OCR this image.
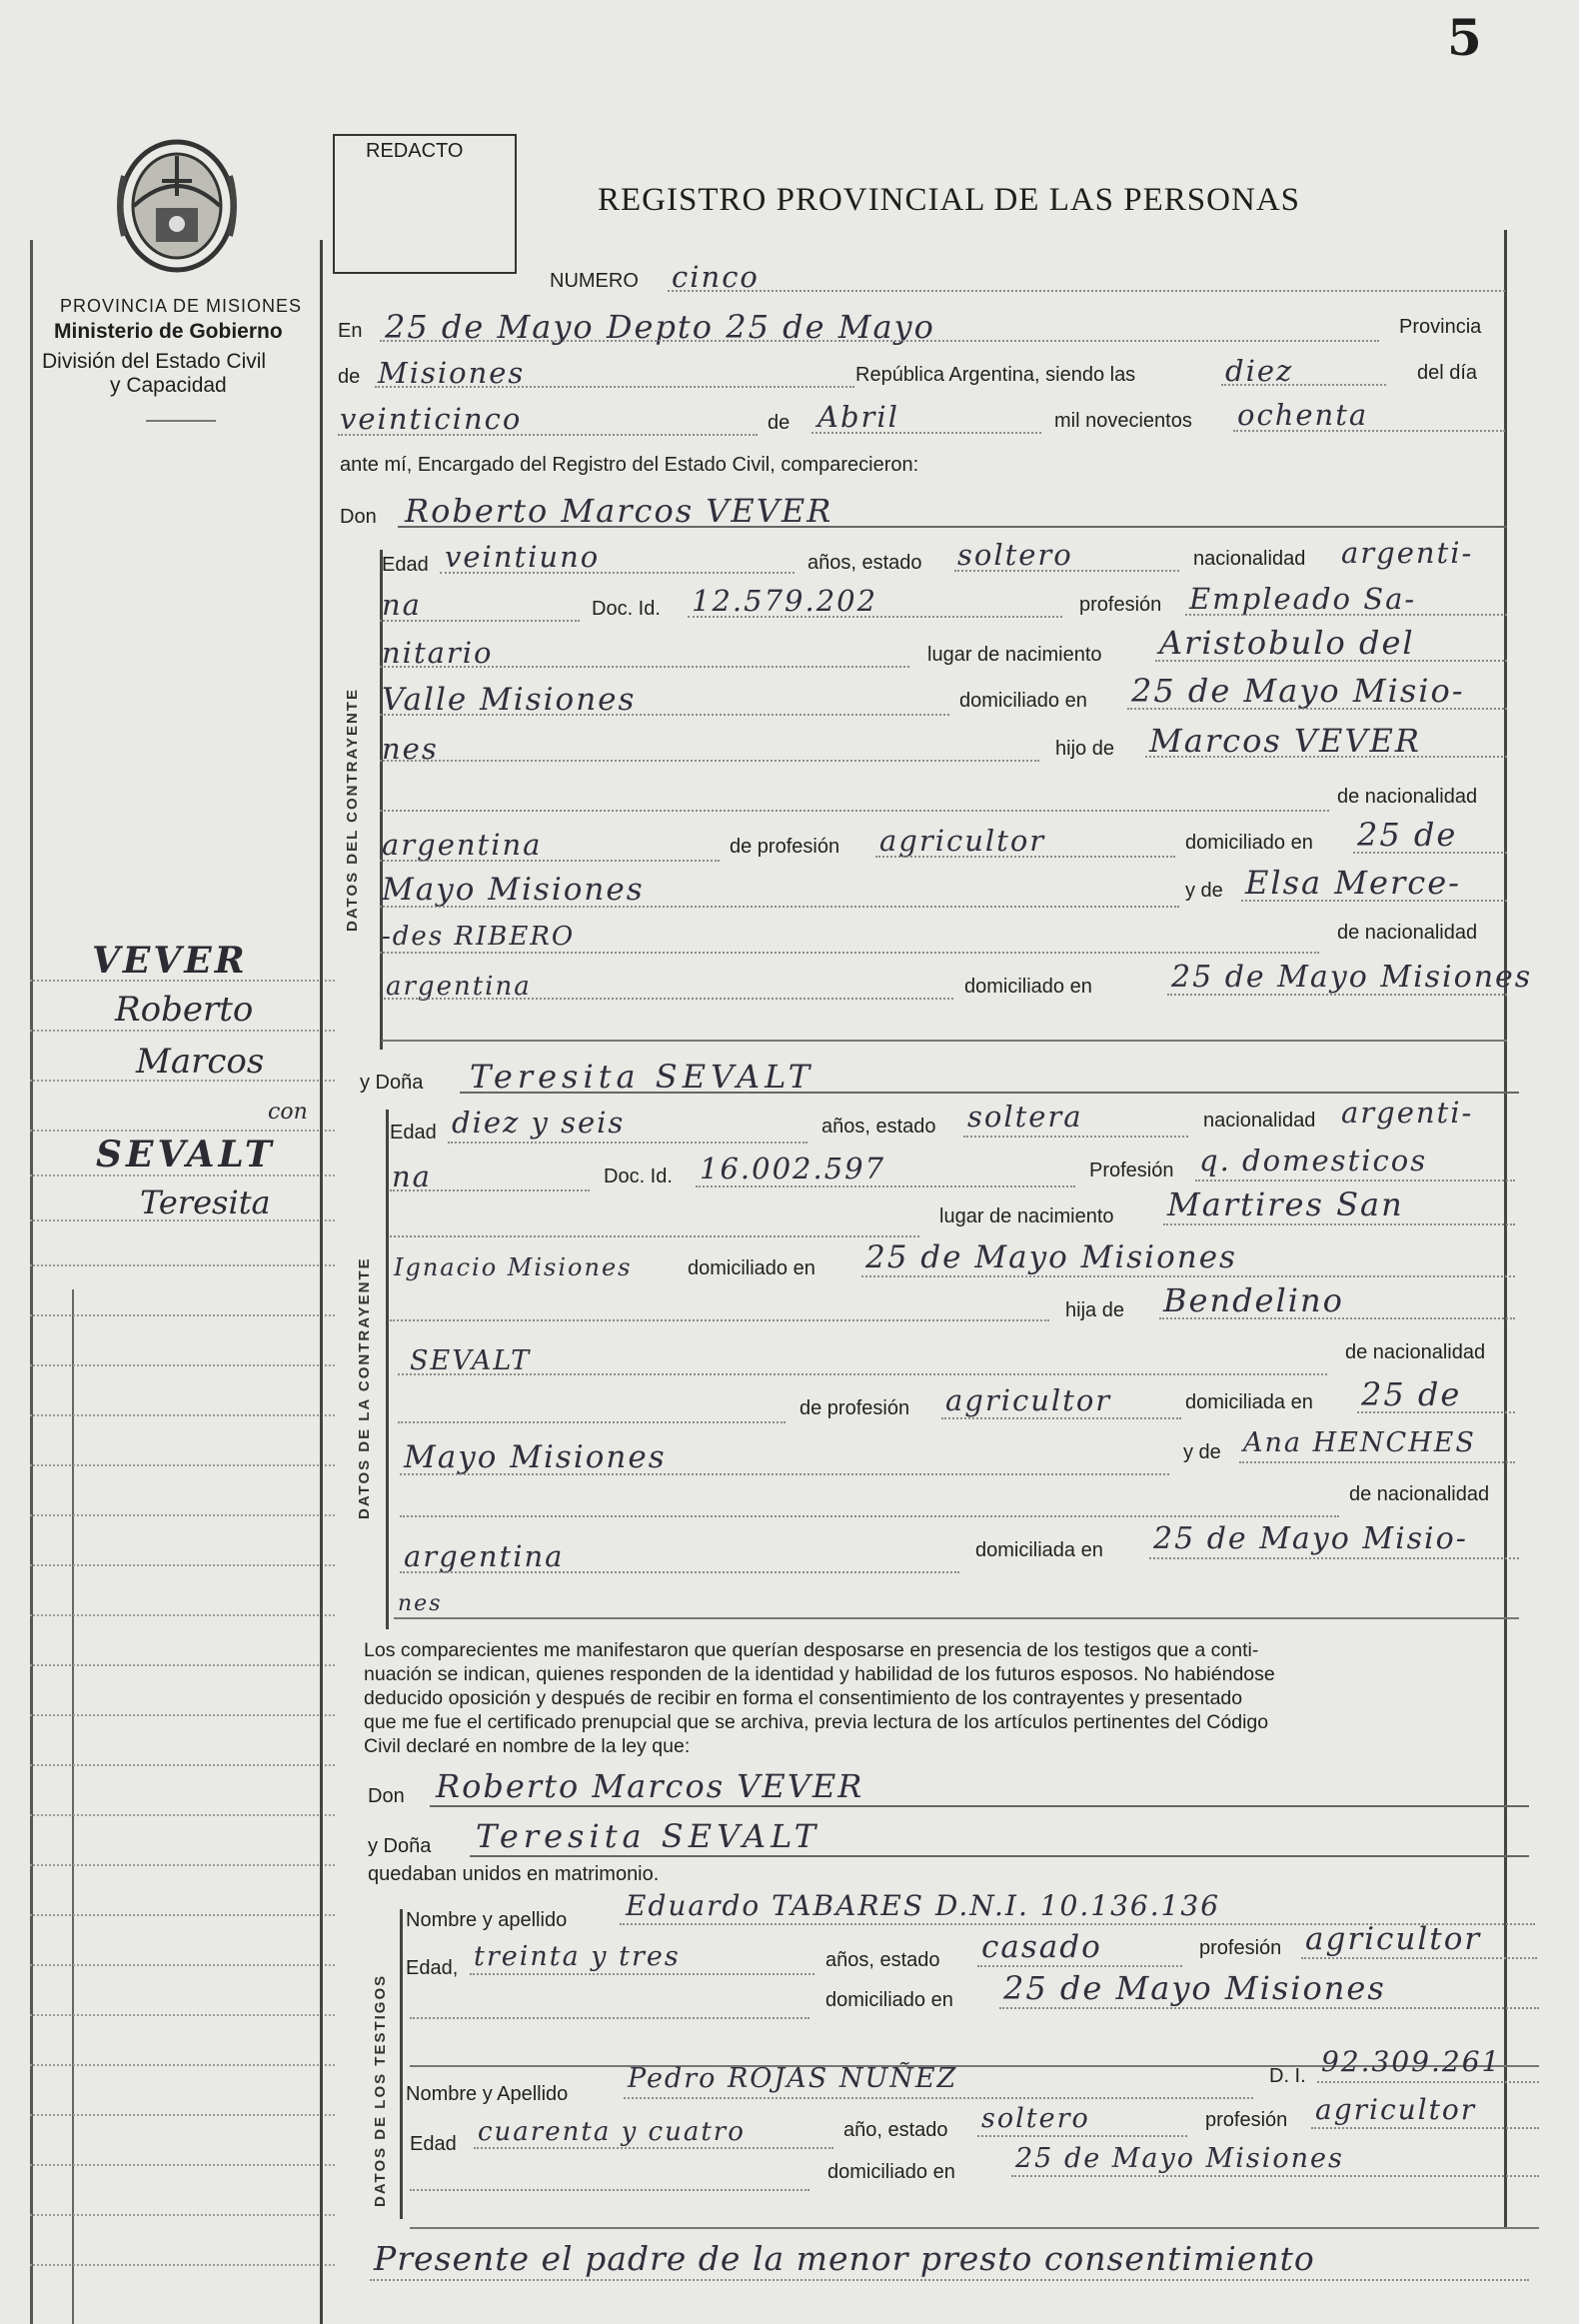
5
PROVINCIA DE MISIONES
Ministerio de Gobierno
División del Estado Civil
y Capacidad
VEVER
Roberto
Marcos
con
SEVALT
Teresita
REDACTO
REGISTRO PROVINCIAL DE LAS PERSONAS
NUMERO cinco
En 25 de Mayo Depto 25 de Mayo	Provincia
de Misiones	República Argentina, siendo las	diez	del día
veinticinco	de Abril	mil novecientos ochenta
ante mí, Encargado del Registro del Estado Civil, comparecieron:
Don Roberto Marcos VEVER
DATOS DEL CONTRAYENTE
Edad veintiuno	años, estado soltero	nacionalidad argenti-
na	Doc. Id. 12.579.202	profesión Empleado Sa-
nitario	lugar de nacimiento Aristobulo del
Valle Misiones	domiciliado en 25 de Mayo Misio-
nes	hijo de Marcos VEVER
de nacionalidad
argentina	de profesión agricultor	domiciliado en 25 de
Mayo Misiones	y de Elsa Merce-
-des RIBERO	de nacionalidad
argentina	domiciliado en	25 de Mayo Misiones
y Doña Teresita SEVALT
DATOS DE LA CONTRAYENTE
Edad diez y seis	años, estado soltera	nacionalidad argenti-
na	Doc. Id. 16.002.597	Profesión q. domesticos
lugar de nacimiento Martires San
Ignacio Misiones	domiciliado en 25 de Mayo Misiones
hija de Bendelino
SEVALT	de nacionalidad
de profesión agricultor	domiciliada en 25 de
Mayo Misiones	y de Ana HENCHES
de nacionalidad
argentina	domiciliada en 25 de Mayo Misio-
nes
Los comparecientes me manifestaron que querían desposarse en presencia de los testigos que a conti-
nuación se indican, quienes responden de la identidad y habilidad de los futuros esposos. No habiéndose
deducido oposición y después de recibir en forma el consentimiento de los contrayentes y presentado
que me fue el certificado prenupcial que se archiva, previa lectura de los artículos pertinentes del Código
Civil declaré en nombre de la ley que:
Don Roberto Marcos VEVER
y Doña Teresita SEVALT
quedaban unidos en matrimonio.
DATOS DE LOS TESTIGOS
Nombre y apellido Eduardo TABARES D.N.I. 10.136.136
Edad, treinta y tres	años, estado casado	profesión agricultor
domiciliado en 25 de Mayo Misiones
Nombre y Apellido Pedro ROJAS NUÑEZ	D. I. 92.309.261
Edad cuarenta y cuatro	año, estado soltero	profesión agricultor
domiciliado en 25 de Mayo Misiones
Presente el padre de la menor presto consentimiento
